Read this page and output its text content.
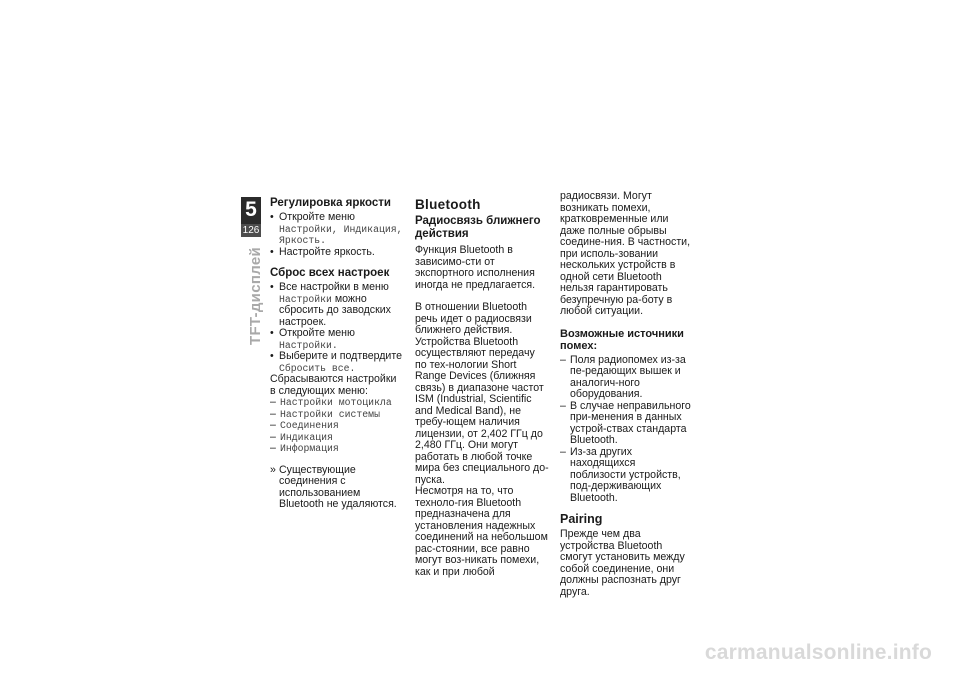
5
126
TFT-дисплей
Регулировка яркости
• Откройте меню Настройки, Индикация, Яркость.
• Настройте яркость.
Сброс всех настроек
• Все настройки в меню Настройки можно сбросить до заводских настроек.
• Откройте меню Настройки.
• Выберите и подтвердите
Сбросить все.

Сбрасываются настройки в следующих меню:

– Настройки мотоцикла
– Настройки системы
– Соединения
– Индикация
– Информация
» Существующие соединения с использованием Bluetooth не удаляются.
Bluetooth
Радиосвязь ближнего действия

Функция Bluetooth в зависимо-сти от экспортного исполнения иногда не предлагается.

В отношении Bluetooth речь идет о радиосвязи ближнего действия. Устройства Bluetooth осуществляют передачу по тех-нологии Short Range Devices (ближняя связь) в диапазоне частот ISM (Industrial, Scientific and Medical Band), не требу-ющем наличия лицензии, от 2,402 ГГц до 2,480 ГГц. Они могут работать в любой точке мира без специального до-пуска.

Несмотря на то, что техноло-гия Bluetooth предназначена для установления надежных соединений на небольшом рас-стоянии, все равно могут воз-никать помехи, как и при любой

радиосвязи. Могут возникать помехи, кратковременные или даже полные обрывы соедине-ния. В частности, при исполь-зовании нескольких устройств в одной сети Bluetooth нельзя гарантировать безупречную ра-боту в любой ситуации.

Возможные источники помех:
– Поля радиопомех из-за пе-редающих вышек и аналогич-ного оборудования.
– В случае неправильного при-менения в данных устрой-ствах стандарта Bluetooth.
– Из-за других находящихся поблизости устройств, под-держивающих Bluetooth.
Pairing

Прежде чем два устройства Bluetooth смогут установить между собой соединение, они должны распознать друг друга.

carmanualsonline.info
